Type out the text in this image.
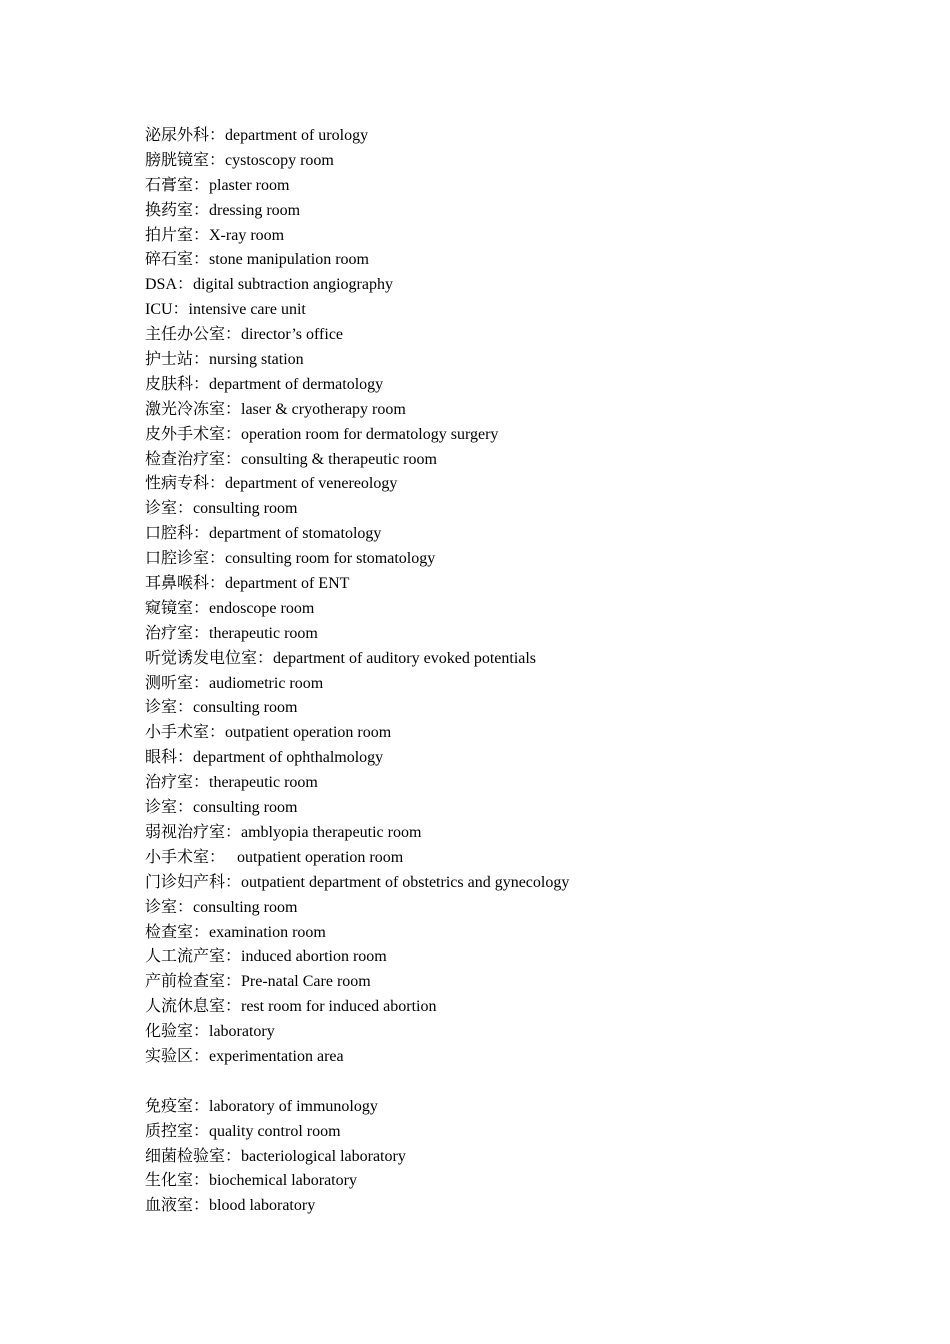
泌尿外科：department of urology
膀胱镜室：cystoscopy room
石膏室：plaster room
换药室：dressing room
拍片室：X-ray room
碎石室：stone manipulation room
DSA：digital subtraction angiography
ICU：intensive care unit
主任办公室：director’s office
护士站：nursing station
皮肤科：department of dermatology
激光冷冻室：laser & cryotherapy room
皮外手术室：operation room for dermatology surgery
检查治疗室：consulting & therapeutic room
性病专科：department of venereology
诊室：consulting room
口腔科：department of stomatology
口腔诊室：consulting room for stomatology
耳鼻喉科：department of ENT
窥镜室：endoscope room
治疗室：therapeutic room
听觉诱发电位室：department of auditory evoked potentials
测听室：audiometric room
诊室：consulting room
小手术室：outpatient operation room
眼科：department of ophthalmology
治疗室：therapeutic room
诊室：consulting room
弱视治疗室：amblyopia therapeutic room
小手术室：   outpatient operation room
门诊妇产科：outpatient department of obstetrics and gynecology
诊室：consulting room
检查室：examination room
人工流产室：induced abortion room
产前检查室：Pre-natal Care room
人流休息室：rest room for induced abortion
化验室：laboratory
实验区：experimentation area
免疫室：laboratory of immunology
质控室：quality control room
细菌检验室：bacteriological laboratory
生化室：biochemical laboratory
血液室：blood laboratory
